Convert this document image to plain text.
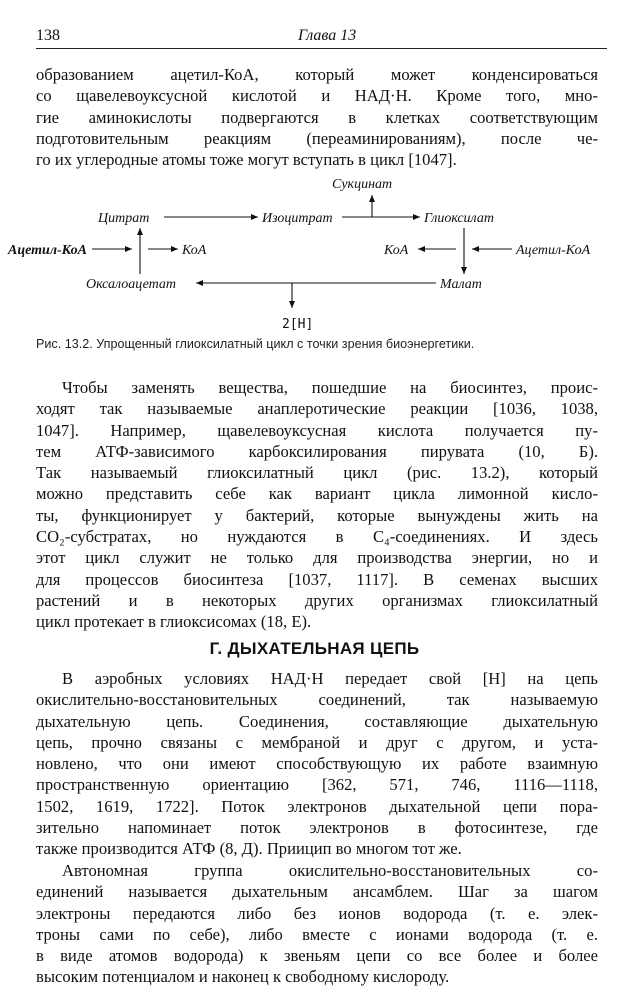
138	Глава 13
образованием ацетил-КоА, который может конденсироваться
со щавелевоуксусной кислотой и НАД·Н. Кроме того, мно-
гие аминокислоты подвергаются в клетках соответствующим
подготовительным реакциям (переаминированиям), после че-
го их углеродные атомы тоже могут вступать в цикл [1047].
Сукцинат
Цитрат	Изоцитрат	Глиоксилат
Ацетил-КоА	КоА	КоА	Ацетил-КоА
Оксалоацетат	Малат
2[H]
Рис. 13.2. Упрощенный глиоксилатный цикл с точки зрения биоэнергетики.
Чтобы заменять вещества, пошедшие на биосинтез, проис-
ходят так называемые анаплеротические реакции [1036, 1038,
1047]. Например, щавелевоуксусная кислота получается пу-
тем АТФ-зависимого карбоксилирования пирувата (10, Б).
Так называемый глиоксилатный цикл (рис. 13.2), который
можно представить себе как вариант цикла лимонной кисло-
ты, функционирует у бактерий, которые вынуждены жить на
CO₂-субстратах, но нуждаются в C₄-соединениях. И здесь
этот цикл служит не только для производства энергии, но и
для процессов биосинтеза [1037, 1117]. В семенах высших
растений и в некоторых других организмах глиоксилатный
цикл протекает в глиоксисомах (18, Е).
Г. ДЫХАТЕЛЬНАЯ ЦЕПЬ
В аэробных условиях НАД·Н передает свой [Н] на цепь
окислительно-восстановительных соединений, так называемую
дыхательную цепь. Соединения, составляющие дыхательную
цепь, прочно связаны с мембраной и друг с другом, и уста-
новлено, что они имеют способствующую их работе взаимную
пространственную ориентацию [362, 571, 746, 1116—1118,
1502, 1619, 1722]. Поток электронов дыхательной цепи пора-
зительно напоминает поток электронов в фотосинтезе, где
также производится АТФ (8, Д). Приицип во многом тот же.
Автономная группа окислительно-восстановительных со-
единений называется дыхательным ансамблем. Шаг за шагом
электроны передаются либо без ионов водорода (т. е. элек-
троны сами по себе), либо вместе с ионами водорода (т. е.
в виде атомов водорода) к звеньям цепи со все более и более
высоким потенциалом и наконец к свободному кислороду.
